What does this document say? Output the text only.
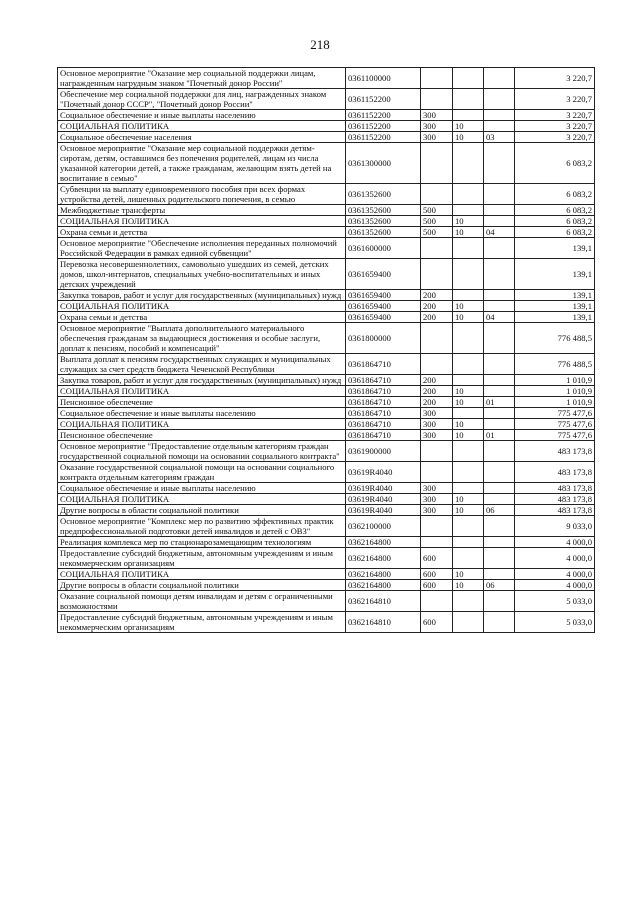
218
Основное мероприятие "Оказание мер социальной поддержки лицам, награжденным нагрудным знаком "Почетный донор России"	0361100000				3 220,7
Обеспечение мер социальной поддержки для лиц, награжденных знаком "Почетный донор СССР", "Почетный донор России"	0361152200				3 220,7
Социальное обеспечение и иные выплаты населению	0361152200	300			3 220,7
СОЦИАЛЬНАЯ ПОЛИТИКА	0361152200	300	10		3 220,7
Социальное обеспечение населения	0361152200	300	10	03	3 220,7
Основное мероприятие "Оказание мер социальной поддержки детям-сиротам, детям, оставшимся без попечения родителей, лицам из числа указанной категории детей, а также гражданам, желающим взять детей на воспитание в семью"	0361300000				6 083,2
Субвенции на выплату единовременного пособия при всех формах устройства детей, лишенных родительского попечения, в семью	0361352600				6 083,2
Межбюджетные трансферты	0361352600	500			6 083,2
СОЦИАЛЬНАЯ ПОЛИТИКА	0361352600	500	10		6 083,2
Охрана семьи и детства	0361352600	500	10	04	6 083,2
Основное мероприятие "Обеспечение исполнения переданных полномочий Российской Федерации в рамках единой субвенции"	0361600000				139,1
Перевозка несовершеннолетних, самовольно ушедших из семей, детских домов, школ-интернатов, специальных учебно-воспитательных и иных детских учреждений	0361659400				139,1
Закупка товаров, работ и услуг для государственных (муниципальных) нужд	0361659400	200			139,1
СОЦИАЛЬНАЯ ПОЛИТИКА	0361659400	200	10		139,1
Охрана семьи и детства	0361659400	200	10	04	139,1
Основное мероприятие "Выплата дополнительного материального обеспечения гражданам за выдающиеся достижения и особые заслуги, доплат к пенсиям, пособий и компенсаций"	0361800000				776 488,5
Выплата доплат к пенсиям государственных служащих и муниципальных служащих за счет средств бюджета Чеченской Республики	0361864710				776 488,5
Закупка товаров, работ и услуг для государственных (муниципальных) нужд	0361864710	200			1 010,9
СОЦИАЛЬНАЯ ПОЛИТИКА	0361864710	200	10		1 010,9
Пенсионное обеспечение	0361864710	200	10	01	1 010,9
Социальное обеспечение и иные выплаты населению	0361864710	300			775 477,6
СОЦИАЛЬНАЯ ПОЛИТИКА	0361864710	300	10		775 477,6
Пенсионное обеспечение	0361864710	300	10	01	775 477,6
Основное мероприятие "Предоставление отдельным категориям граждан государственной социальной помощи на основании социального контракта"	0361900000				483 173,8
Оказание государственной социальной помощи на основании социального контракта отдельным категориям граждан	03619R4040				483 173,8
Социальное обеспечение и иные выплаты населению	03619R4040	300			483 173,8
СОЦИАЛЬНАЯ ПОЛИТИКА	03619R4040	300	10		483 173,8
Другие вопросы в области социальной политики	03619R4040	300	10	06	483 173,8
Основное мероприятие "Комплекс мер по развитию эффективных практик предпрофессиональной подготовки детей инвалидов и детей с ОВЗ"	0362100000				9 033,0
Реализация комплекса мер по стационарозамещающим технологиям	0362164800				4 000,0
Предоставление субсидий бюджетным, автономным учреждениям и иным некоммерческим организациям	0362164800	600			4 000,0
СОЦИАЛЬНАЯ ПОЛИТИКА	0362164800	600	10		4 000,0
Другие вопросы в области социальной политики	0362164800	600	10	06	4 000,0
Оказание социальной помощи детям инвалидам и детям с ограниченными возможностями	0362164810				5 033,0
Предоставление субсидий бюджетным, автономным учреждениям и иным некоммерческим организациям	0362164810	600			5 033,0
